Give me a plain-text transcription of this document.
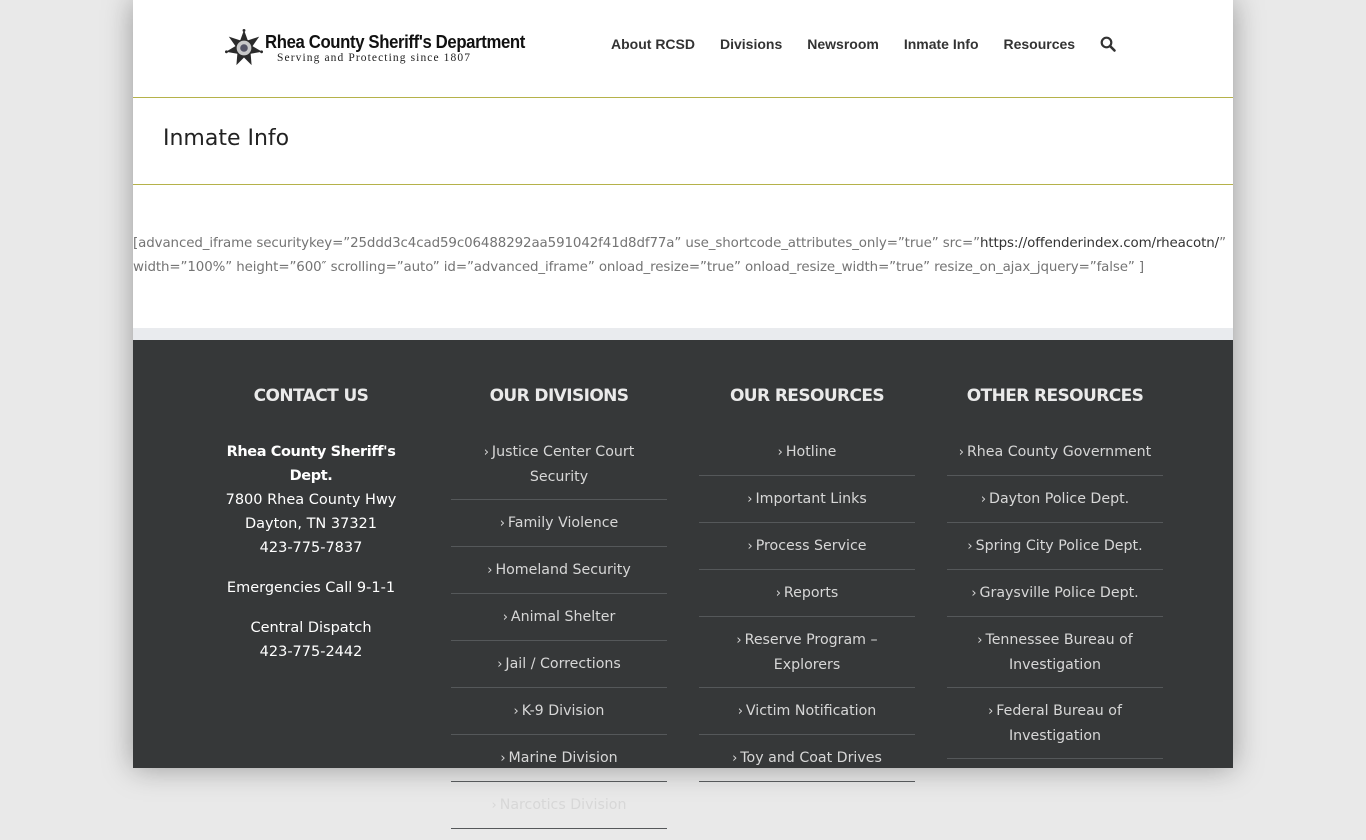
Rhea County Sheriff's Department
Serving and Protecting since 1807
About RCSD Divisions Newsroom Inmate Info Resources
Inmate Info
[advanced_iframe securitykey=”25ddd3c4cad59c06488292aa591042f41d8df77a” use_shortcode_attributes_only=”true” src=”https://offenderindex.com/rheacotn/”
width=”100%” height=”600″ scrolling=”auto” id=”advanced_iframe” onload_resize=”true” onload_resize_width=”true” resize_on_ajax_jquery=”false” ]
CONTACT US

Rhea County Sheriff's Dept.
7800 Rhea County Hwy
Dayton, TN 37321
423-775-7837

Emergencies Call 9-1-1

Central Dispatch
423-775-2442

OUR DIVISIONS
› Justice Center Court Security
› Family Violence
› Homeland Security
› Animal Shelter
› Jail / Corrections
› K-9 Division
› Marine Division
› Narcotics Division
OUR RESOURCES
› Hotline
› Important Links
› Process Service
› Reports
› Reserve Program – Explorers
› Victim Notification
› Toy and Coat Drives
OTHER RESOURCES
› Rhea County Government
› Dayton Police Dept.
› Spring City Police Dept.
› Graysville Police Dept.
› Tennessee Bureau of Investigation
› Federal Bureau of Investigation
